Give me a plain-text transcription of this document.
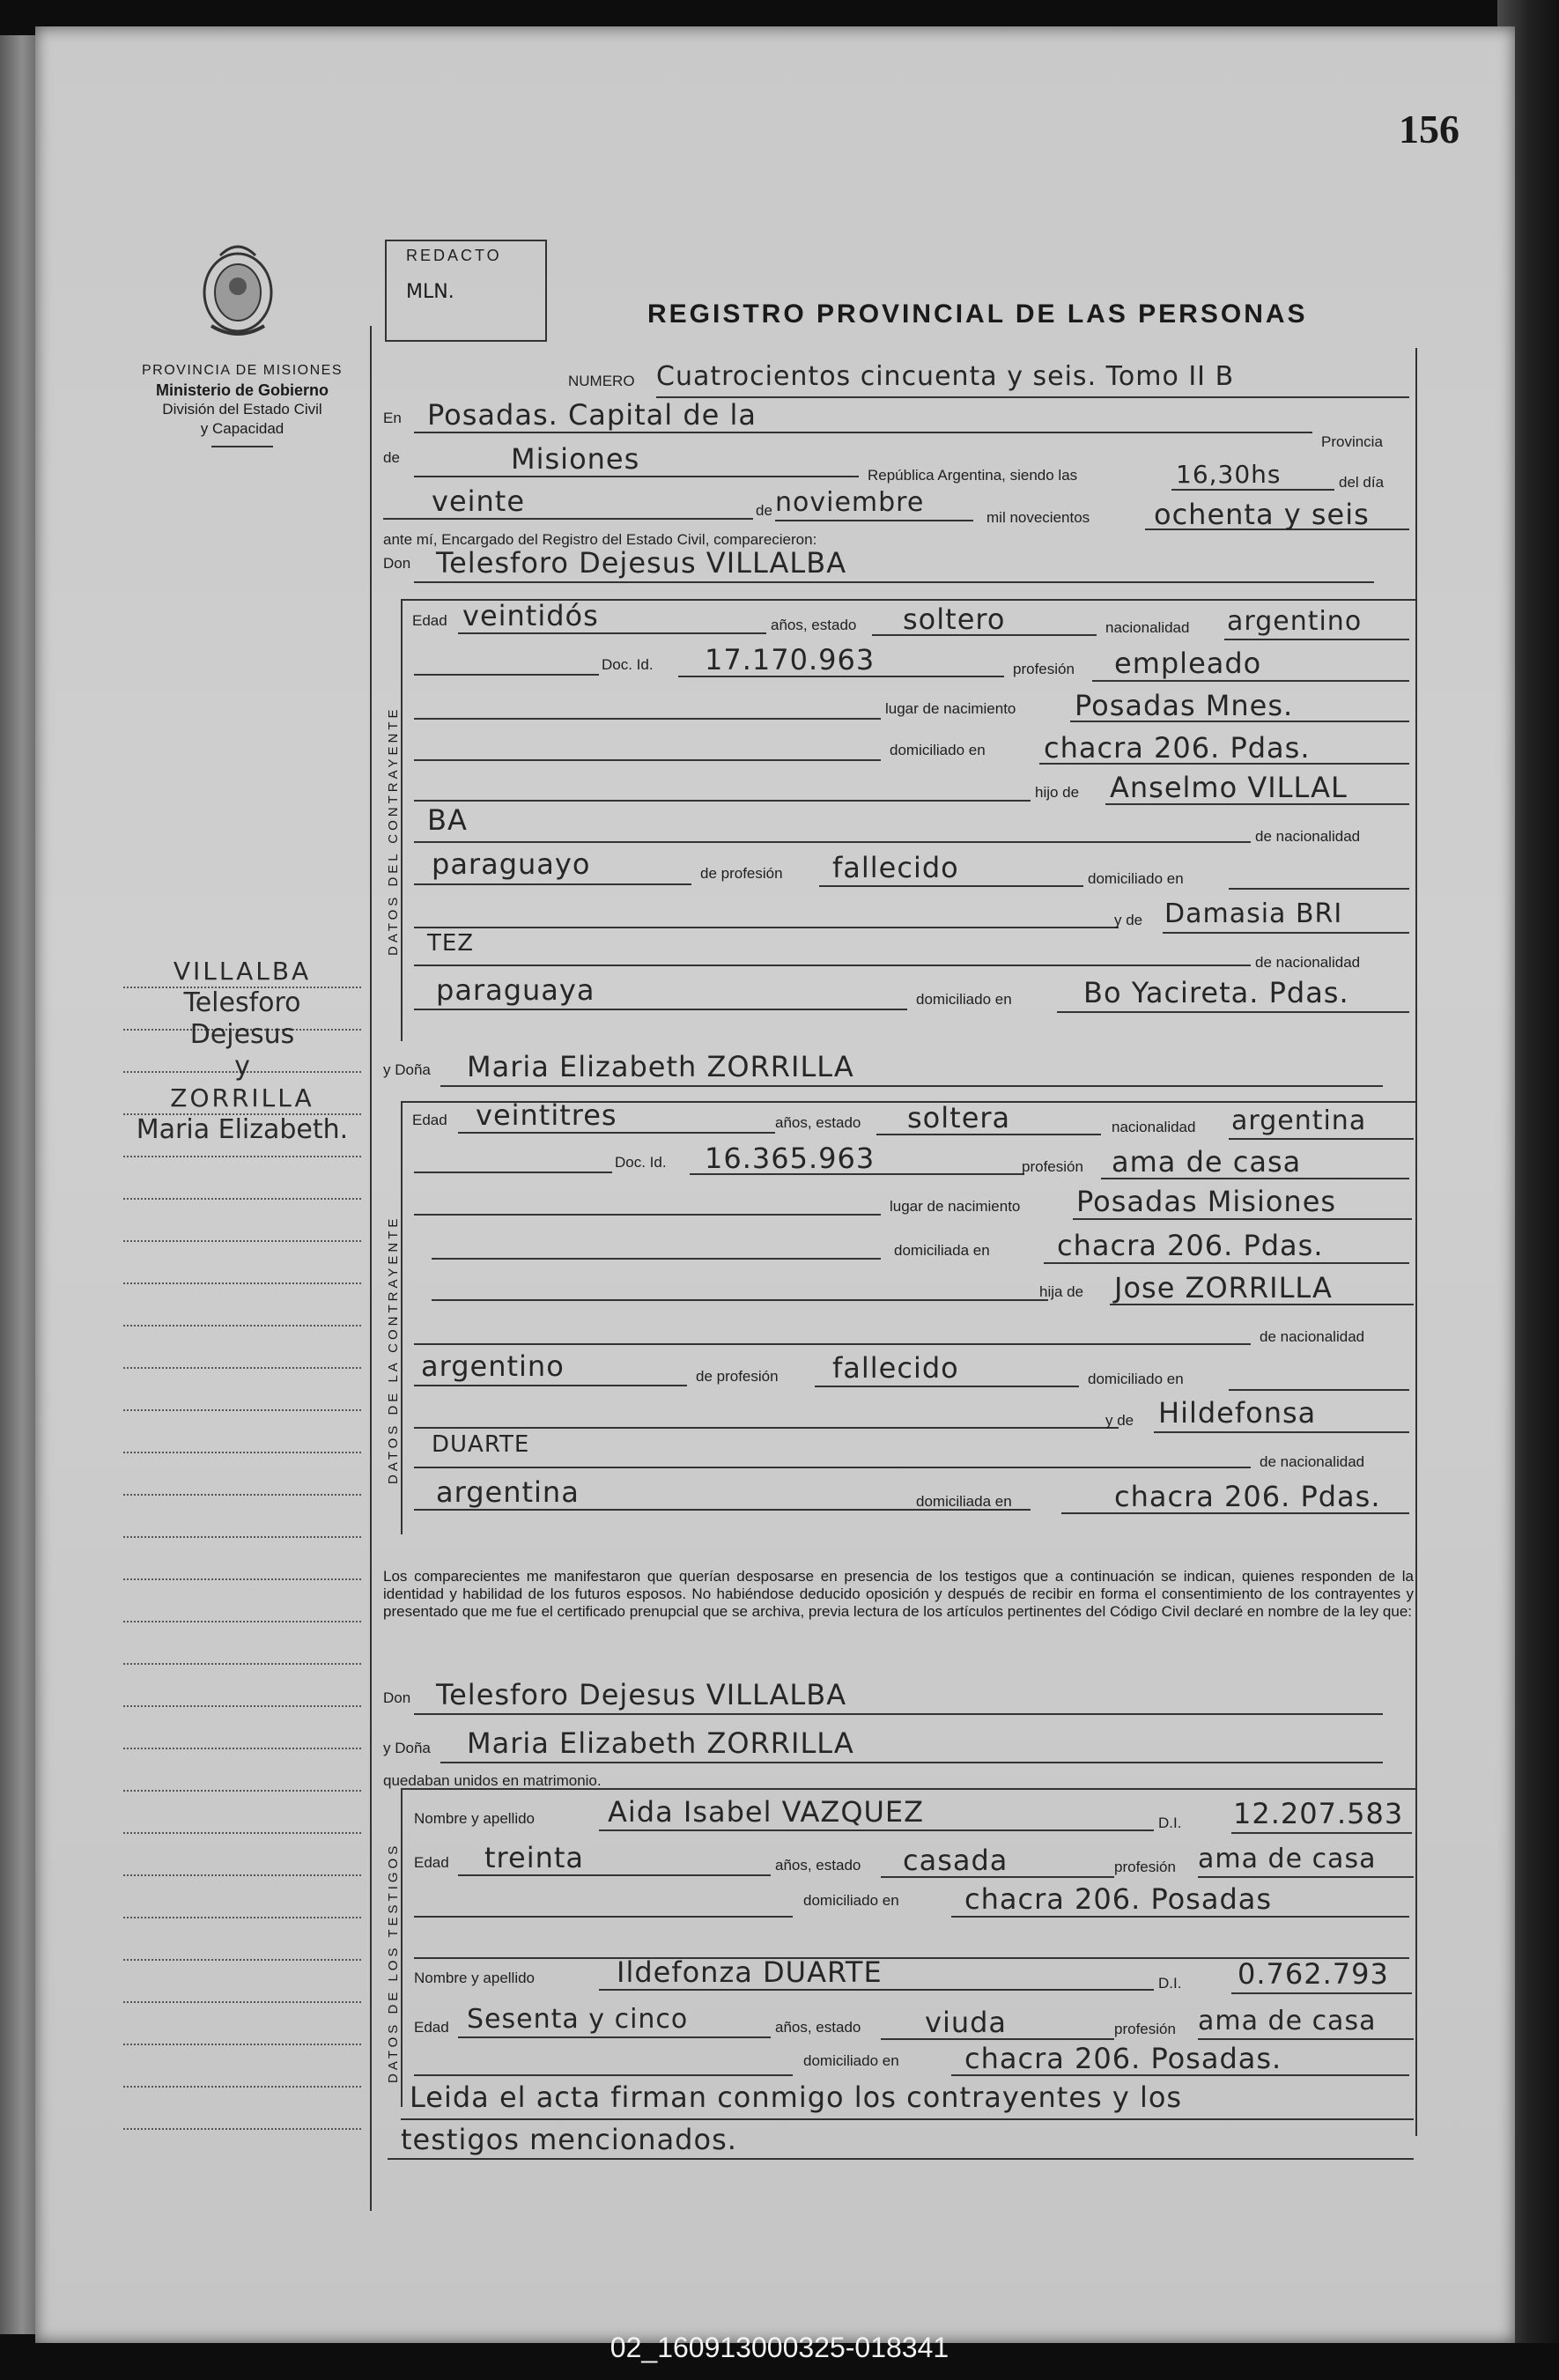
156
PROVINCIA DE MISIONES
Ministerio de Gobierno
División del Estado Civil
y Capacidad
VILLALBA
Telesforo
Dejesus
y
ZORRILLA
Maria Elizabeth.
REDACTO
MLN.
REGISTRO PROVINCIAL DE LAS PERSONAS
NUMERO Cuatrocientos cincuenta y seis. Tomo II B
En Posadas. Capital de la
Provincia
de	Misiones	República Argentina, siendo las	16,30hs	del día
veinte	de noviembre	mil novecientos ochenta y seis
ante mí, Encargado del Registro del Estado Civil, comparecieron:
Don Telesforo Dejesus VILLALBA
DATOS DEL CONTRAYENTE
Edad veintidós	años, estado soltero	nacionalidad argentino
Doc. Id. 17.170.963	profesión empleado
lugar de nacimiento Posadas Mnes.
domiciliado en chacra 206. Pdas.
hijo de Anselmo VILLAL
BA	de nacionalidad
paraguayo	de profesión fallecido	domiciliado en
y de Damasia BRI
TEZ
de nacionalidad
paraguaya	domiciliado en	Bo Yacireta. Pdas.
y Doña Maria Elizabeth ZORRILLA
DATOS DE LA CONTRAYENTE
Edad veintitres	años, estado soltera	nacionalidad argentina
Doc. Id. 16.365.963	profesión ama de casa
lugar de nacimiento Posadas Misiones
domiciliada en chacra 206. Pdas.
hija de Jose ZORRILLA
de nacionalidad
argentino	de profesión fallecido	domiciliado en
y de Hildefonsa
DUARTE
de nacionalidad
argentina	domiciliada en	chacra 206. Pdas.
Los comparecientes me manifestaron que querían desposarse en presencia de los testigos que a continuación se indican, quienes responden de la identidad y habilidad de los futuros esposos. No habiéndose deducido oposición y después de recibir en forma el consentimiento de los contrayentes y presentado que me fue el certificado prenupcial que se archiva, previa lectura de los artículos pertinentes del Código Civil declaré en nombre de la ley que:
Don Telesforo Dejesus VILLALBA
y Doña Maria Elizabeth ZORRILLA
quedaban unidos en matrimonio.
DATOS DE LOS TESTIGOS
Nombre y apellido	Aida Isabel VAZQUEZ	D.I. 12.207.583
Edad treinta	años, estado casada	profesión ama de casa
domiciliado en chacra 206. Posadas
Nombre y apellido	Ildefonza DUARTE	D.I. 0.762.793
Edad Sesenta y cinco	años, estado viuda	profesión ama de casa
domiciliado en chacra 206. Posadas.
Leida el acta firman conmigo los contrayentes y los
testigos mencionados.
02_160913000325-018341
